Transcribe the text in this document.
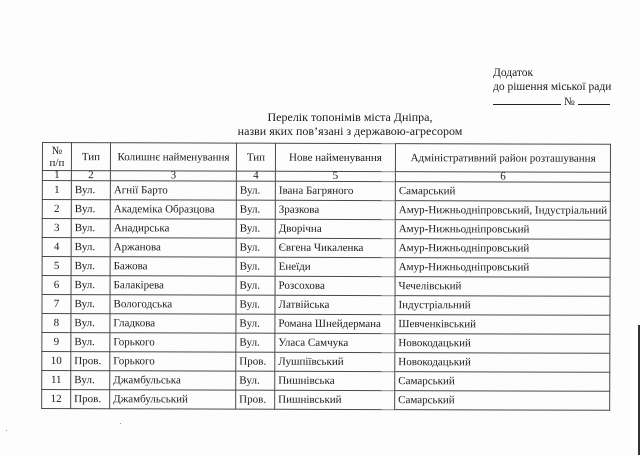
Додаток
до рішення міської ради
№
Перелік топонімів міста Дніпра,
назви яких пов’язані з державою-агресором
№
п/п	Тип	Колишнє найменування	Тип	Нове найменування	Адміністративний район розташування
1	2	3	4	5	6
1	Вул.	Агнії Барто	Вул.	Івана Багряного	Самарський
2	Вул.	Академіка Образцова	Вул.	Зразкова	Амур-Нижньодніпровський, Індустріальний
3	Вул.	Анадирська	Вул.	Дворічна	Амур-Нижньодніпровський
4	Вул.	Аржанова	Вул.	Євгена Чикаленка	Амур-Нижньодніпровський
5	Вул.	Бажова	Вул.	Енеїди	Амур-Нижньодніпровський
6	Вул.	Балакірева	Вул.	Розсохова	Чечелівський
7	Вул.	Вологодська	Вул.	Латвійська	Індустріальний
8	Вул.	Гладкова	Вул.	Романа Шнейдермана	Шевченківський
9	Вул.	Горького	Вул.	Уласа Самчука	Новокодацький
10	Пров.	Горького	Пров.	Лушпіївський	Новокодацький
11	Вул.	Джамбульська	Вул.	Пишнівська	Самарський
12	Пров.	Джамбульський	Пров.	Пишнівський	Самарський
